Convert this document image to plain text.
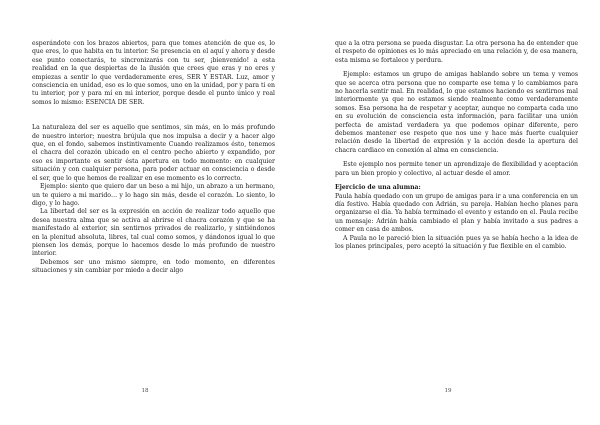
esperándote con los brazos abiertos, para que tomes atención de que es, lo que eres, lo que habita en tu interior. Se presencia en el aquí y ahora y desde ese punto conectarás, te sincronizarás con tu ser, ¡bienvenido! a esta realidad en la que despiertas de la ilusión que crees que eras y no eres y empiezas a sentir lo que verdaderamente eres, SER Y ESTAR. Luz, amor y consciencia en unidad, eso es lo que somos, uno en la unidad, por y para ti en tu interior, por y para mí en mi interior, porque desde el punto único y real somos lo mismo: ESENCIA DE SER.

La naturaleza del ser es aquello que sentimos, sin más, en lo más profundo de nuestro interior; nuestra brújula que nos impulsa a decir y a hacer algo que, en el fondo, sabemos instintivamente Cuando realizamos ésto, tenemos el chacra del corazón ubicado en el centro pecho abierto y expandido, por eso es importante es sentir ésta apertura en todo momento: en cualquier situación y con cualquier persona, para poder actuar en consciencia o desde el ser, que lo que hemos de realizar en ese momento es lo correcto.

Ejemplo: siento que quiero dar un beso a mi hijo, un abrazo a un hermano, un te quiero a mi marido… y lo hago sin más, desde el corazón. Lo siento, lo digo, y lo hago.

La libertad del ser es la expresión en acción de realizar todo aquello que desea nuestra alma que se activa al abrirse el chacra corazón y que se ha manifestado al exterior, sin sentirnos privados de realizarlo, y sintiéndonos en la plenitud absoluta, libres, tal cual como somos, y dándonos igual lo que piensen los demás, porque lo hacemos desde lo más profundo de nuestro interior.

Debemos ser uno mismo siempre, en todo momento, en diferentes situaciones y sin cambiar por miedo a decir algo

18

que a la otra persona se pueda disgustar. La otra persona ha de entender que el respeto de opiniones es lo más apreciado en una relación y, de esa manera, esta misma se fortalece y perdura.

Ejemplo: estamos un grupo de amigas hablando sobre un tema y vemos que se acerca otra persona que no comparte ese tema y lo cambiamos para no hacerla sentir mal. En realidad, lo que estamos haciendo es sentirnos mal interiormente ya que no estamos siendo realmente como verdaderamente somos. Esa persona ha de respetar y aceptar, aunque no comparta cada uno en su evolución de consciencia esta información, para facilitar una unión perfecta de amistad verdadera ya que podemos opinar diferente, pero debemos mantener ese respeto que nos une y hace más fuerte cualquier relación desde la libertad de expresión y la acción desde la apertura del chacra cardiaco en conexión al alma en consciencia.

Este ejemplo nos permite tener un aprendizaje de flexibilidad y aceptación para un bien propio y colectivo, al actuar desde el amor.

Ejercicio de una alumna:

Paula había quedado con un grupo de amigas para ir a una conferencia en un día festivo. Había quedado con Adrián, su pareja. Habían hecho planes para organizarse el día. Ya había terminado el evento y estando en el. Paula recibe un mensaje: Adrián había cambiado el plan y había invitado a sus padres a comer en casa de ambos.

A Paula no le pareció bien la situación pues ya se había hecho a la idea de los planes principales, pero aceptó la situación y fue flexible en el cambio.

19
